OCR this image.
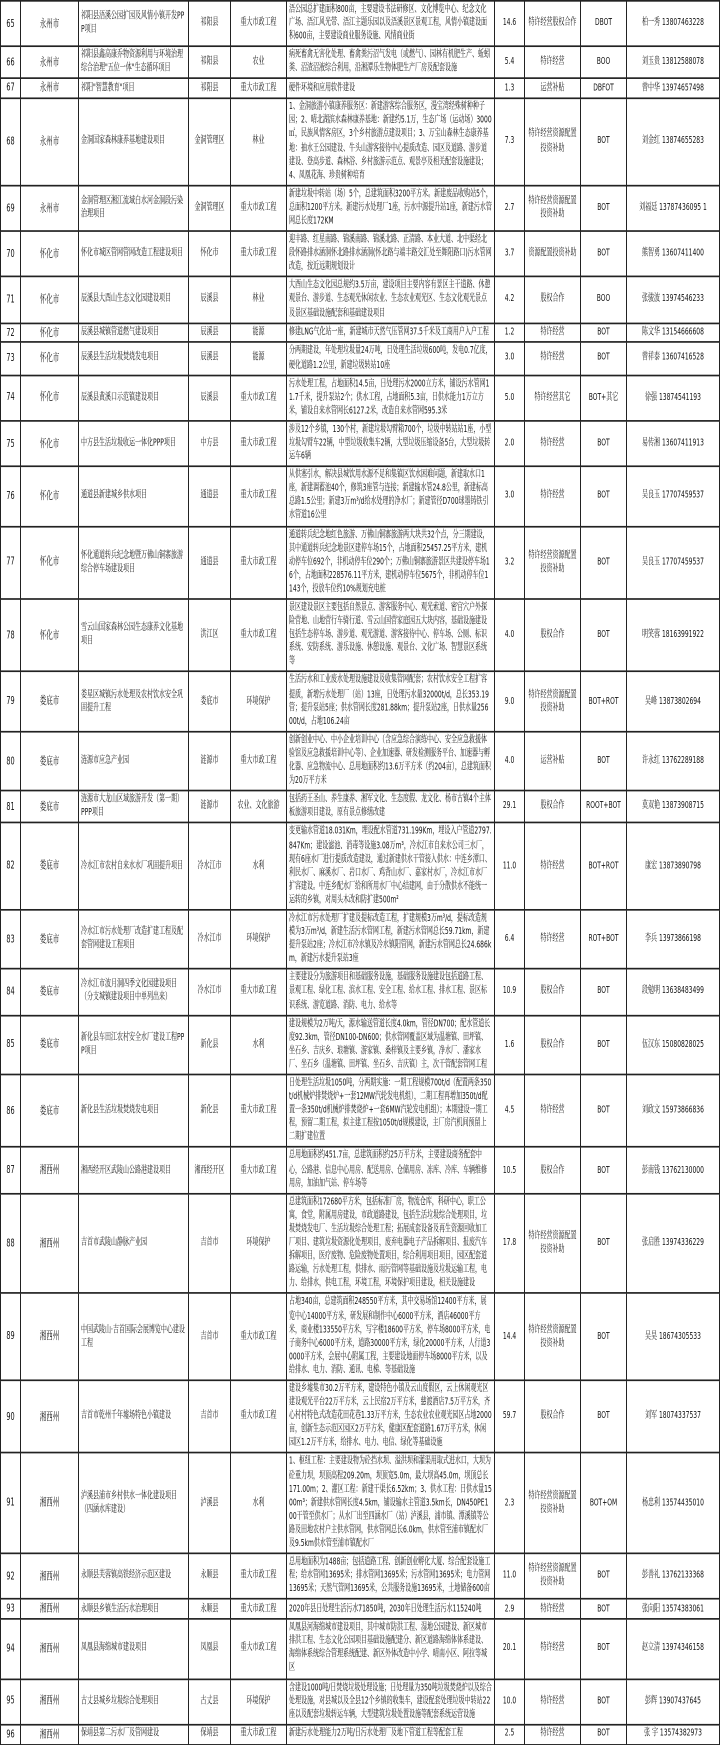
65	永州市	祁阳县浯溪公园扩园及风情小镇开发PPP项目	祁阳县	重大市政工程	浯公园总扩建面积800亩，主要建设书法研修区、文化博览中心、纪念文化广场、浯江风光带、浯江主题乐园以及浯溪景区景观工程，风情小镇建设面积600亩，主要建设商业服务设施、风情商业街	14.6	特许经营股权合作	DBOT	柏一秀 13807463228
66	永州市	祁阳县鑫高康乔物资源利用与环境治理综合治理"五位一体"生态循环项目	祁阳县	农业	病死畜禽无害化处理、畜禽粪污沼气发电（或燃气）、园林有机肥生产、蚯蚓粪、沼渣沼液综合利用，沿湘潭乐生物体肥生产厂房及配套设施	5.4	特许经营	BOO	刘玉贵 13812588078
67	永州市	祁阳"智慧教育"项目	祁阳县	重大市政工程	硬件环境和应用软件建设	1.3	运营补贴	DBFOT	曾中华 13974657498
68	永州市	金洞国家森林康养基地建设项目	金洞管理区	林业	1、金洞旅游小镇康养服务区：新建游客综合服务区，漫宝湾经殊树种种子园；2、晴北湖滨水森林康养基地：新建约5.1万，生态广场（运动场）3000㎡，民族风情客房区，3个乡村旅游点建设项目；3、万宝山森林生态康养基地：抽水王公园建设、牛头山游客接待中心提质改造、园区及道路、游步道建设、登高步道、森林浴、乡村旅游示范点、观景亭及相关配套设施建设；4、凤凰花海、珍贵树种培育	7.3	特许经营资源配置投资补助	BOT	刘金红 13874655283
69	永州市	金洞管理区湘江流域白水河金洞段污染治理项目	金洞管理区	重大市政工程	新建垃圾中转站（场）5个，总建筑面积3200平方米。新建废品收购站5个，总面积1200平方米。新建污水处理厂1座，污水中源提升站1座，新建污水管网总长度172KM	2.7	特许经营资源配置投资补助	BOT	刘福廷 13787436095 1
70	怀化市	怀化市城区管网管网改造工程建设项目	怀化市	重大市政工程	迎丰路、红星南路、锦溪南路、锦溪北路、正清路、本业大道、北中渠经北段怀路排水涵洞怀北路排水涵洞(怀北路与端丰路交汇处至舞阳路口)污水管网改造，按近远期规划设计	3.7	资源配置投资补助	BOT	熊智勇 13607411400
71	怀化市	辰溪县大酉山生态文化园建设项目	辰溪县	林业	大酉山生态文化园总规约3.5万亩，建设项目主要内容有景区主干道路、休憩观景台、游步道、生态观光休闲农业、生态农业观光区、生态文化观光景点及景区基础设施配套和基础建设项目	4.2	股权合作	BOO	张骏波 13974546233
72	怀化市	辰溪县城镇管道燃气建设项目	辰溪县	能源	修建LNG气化站一座，新建城市天然气压管网37.5千米及工商用户入户工程	1.2	特许经营	BOT	陈文华 13154666608
73	怀化市	辰溪县生活垃圾焚烧发电项目	辰溪县	能源	分两期建设，年处理垃圾量24万吨，日处理生活垃圾600吨，发电0.7亿度，硬化道路1.2公里，新建垃圾转站10座	3.0	特许经营	BOT	曾祥泰 13607416528
74	怀化市	辰溪县黄溪口示范镇建设项目	辰溪县	重大市政工程	污水处理工程，占地面积14.5亩，日处理污水2000立方米，铺设污水管网11.7千米，提升泵站2个；供水工程，占地面积5.3亩，日供水能力1万立方米，铺设自来水管网长6127.2米，改造自来水管网595.3米	5.0	特许经营其它	BOT+其它	徐强 13874541193
75	怀化市	中方县生活垃圾收运一体化PPP项目	中方县	重大市政工程	涉及12个乡镇，130个村，新建垃圾勾臂箱700个，垃圾中转站站1座，小型垃圾勾臂车22辆，中型垃圾收集车2辆，大型垃圾压缩设备5台，大型垃圾转运车6辆	2.0	特许经营	BOT	易传湘 13607411913
76	怀化市	通道县新建城乡供水项目	通道县	重大市政工程	从供塞引水，解决县城饮用水源不足和集镇区饮水困难问题，新建取水口1座，新建调蓄池40个，修筑3座管与连接；新建输水管24.8公里，新建标高总路1.5公里；新建3万m³/d给水处理的净水厂；新建管径D700球墨铸铁引水管道16公里	3.0	特许经营	BOT	吴良玉 17707459537
77	怀化市	怀化通道转兵纪念地暨万佛山铜寨旅游综合停车场建设项目	通道县	重大市政工程	通道转兵纪念地红色旅游、万佛山铜寨旅游两大块共32个点，分三期建设，其中通道转兵纪念地景区建停车场15个，占地面积25457.25平方米，建机动停车位692个，非机动停车位290个；万佛山铜寨旅游景区共建设停车场16个，占地面积228576.11平方米，建机动停车位5675个，非机动停车位1143个，投放车位约10%规划充电桩	3.2	特许经营资源配置投资补助	BOT	吴良玉 17707459537
78	怀化市	雪云山国家森林公园生态康养文化基地项目	洪江区	重大市政工程	景区建设景区主要包括自然景点、游客服务中心、观光索道、密宫穴户外探险营地、山地营行车骑行道、雪云山国营家庭园五大块内容，基础设施建设包括生态停车场、游步道、观光游道、游客接待中心、停车场、公厕、标识系统、安防系统、游乐设施、休憩设施、观景台、文化广场、智慧景区系统等	4.0	股权合作	BOT	明笑蓉 18163991922
79	娄底市	娄星区城镇污水处理及农村饮水安全巩固提升工程	娄底市	环境保护	生活污水和工业废水处理设施建设及收集管网配套；农村饮水安全工程扩容提质，新增污水处理厂（站）13座，日处理污水量32000t/d，总长353.19管；提升泵站5座；供水管网长度281.88km；提升泵站2座，日供水量25600t/d，占地106.24亩	9.0	特许经营资源配置投资补助	BOT+ROT	吴峰 13873802694
80	娄底市	涟源市应急产业园	涟源市	重大市政工程	创新创业中心、中小企业培训中心（含应急综合演练中心、安全应急救援体验馆及应急救援培训中心等）、企业加速器、研发检测服务平台、加速器与孵化器、应急物流中心、总用地面积约13.6万平方米（约204亩），总建筑面积为20万平方米	4.0	运营补贴	BOT	许永红 13762289188
81	娄底市	涟源市大龙山区域旅游开发（第一期）PPP项目	涟源市	农业、文化旅游	包括药王圣山、养生康养、湘军文化、生态度假、龙文化、杨市古镇4个主体板旅游项目建设，原有景点修缮改建	29.1	股权合作	ROOT+BOT	莫双艳 13873908715
82	娄底市	冷水江市农村自来水水厂巩固提升项目	冷水江市	水利	变更输水管道18.031Km，埋设配水管道731.199Km，埋设入户管道2797.847Km；建设滤池、消毒等设施3.08万m³，冷水江市自来水公司三水厂，现有6座水厂进行提质改造建设，通过新建供水干管接入供水：中连乡潭口、利民水厂、麻溪水厂、岩口水厂、鸡背山水厂、嘉家村水厂，冷水江市水厂扩容建设。中连乡配水厂给和所用水厂中心结建网，由于分散供水不能统一运转的乡镇，对周头木改和防扩建500m²	11.0	特许经营	BOT+ROT	康宏 13873890798
83	娄底市	冷水江市污水处理厂改造扩建工程及配套管网建设工程项目	冷水江市	环境保护	冷水江市污水处理厂扩建及提标改造工程，扩建规模3万m³/d，提标改造规模为3万m³/d，新建生活污水管网工程，新建污水管网总长59.71km，新建提升泵站2座；冷水江市冷水镇及冷水镇阳管网，新建污水管网总长24.686km，新建污水提升泵站3座	6.4	特许经营	ROT+BOT	李兵 13973866198
84	娄底市	冷水江市波月洞四季文化园建设项目（分支城镇建设项目中单列出来）	冷水江市	重大市政工程	主要建设分为旅游项目和基础服务设施，基础服务设施建设包括道路工程、景观工程、绿化工程、滨水工程、安全工程、给水工程、排水工程、景区标识系统、游览道路、消防、电力、给水等	10.9	股权合作	BOT	段勉明 13638483499
85	娄底市	新化县车田江农村安全水厂建设工程PPP项目	新化县	水利	建设规模为2万吨/天，源水输送管道长度4.0km，管径DN700；配水管道长度92.3km，管径DN100-DN600；供水管网覆盖区域为温塘镇、田坪镇、坐石乡、吉庆乡、琅塘镇、游家镇、桑梓镇及主要乡镇，净水厂、潘家水厂、坐石乡（温塘镇、田坪镇、坐石乡、吉庆镇）主，次干管配套管网工程	1.6	股权合作	BOT	伍汉东 15080828025
86	娄底市	新化县生活垃圾焚烧发电项目	新化县	重大市政工程	日处理生活垃圾1050吨，分两期实施：一期工程规模700t/d（配置两条350t/d机械炉排焚烧炉+一套12MW汽轮发电机组），二期工程再增加350t/d配置一条350t/d机械炉排焚烧炉+一套6MW汽轮发电机组）；本期建设一期工程，预留二期工程，拟主建工程按1050t/d规模建设，主厂房汽机间预留上二期扩建位置	4.5	特许经营	BOT	刘政文 15973866836
87	湘西州	湘西经开区武陵山公路港建设项目	湘西经开区	重大市政工程	总用地面积约451.7亩，总建筑面积约25万平方米，主要建设商务配套中心，公路港、信息中心用房、配送用房、仓储用房、冻库、冷库、车辆维修用房，加油加气站、停车场等	10.5	股权合作	BOT	彭南钱 13762130000
88	湘西州	吉首市武陵山静脉产业园	吉首市	环境保护	总建筑面积172680平方米，包括标准厂房，物流仓库，科研中心，职工公寓，食堂，附属用房建设，市政道路建设，包括生活垃圾综合处理项目，垃圾焚烧发电厂、生活垃圾综合处理工程；拓展成套设备及再生资源回收加工厂项目、建筑垃圾资源化处理项目，废弃电器电子产品拆解项目、报废汽车拆解项目，医疗废物、危险废物处置项目，综合利用项目项目，园区配套道路运输，污水处理工程，供排水、雨污管网等基础设施及垃圾运输工程，电力、给排水，供电工程，环境工程，环境保护项目建设，相关设施建设	17.8	特许经营资源配置投资补助	BOT	张启胜 13974336229
89	湘西州	中国武陵山·吉首国际会展博览中心建设工程	吉首市	重大市政工程	占地340亩，总建筑面积248550平方米，其中交易场馆12400平方米，展览中心14000平方米，研发展和制作中心6000平方米，酒店46000平方米，商业楼133550平方米，写字楼18600平方米，停车场8000平方米，电子商务中心6000平方米，道路30000平方米，绿化20000平方米，人行道30000平方米，会展中心附属工程，主要建设地面停车场8000平方米，以及给排水、电力、消防、通讯、电梯、等基础设施	14.4	特许经营资源配置投资补助	BOT	吴昊 18674305533
90	湘西州	吉首市乾州千年墟场特色小镇建设	吉首市	重大市政工程	建设乡墟集市30.2万平方米，建设特色小镇及云山度假区，云上休闲观光区建设观光平台22万平方米，云上民宿2万平方米，慈渡酒店7.5万平方米，齐心村村特色式改造花田花巷1.33万平方米，生态农业农业观光园区占地2000亩，创新生态示范区园区2万平方米，健康区配套道路1.67万平方米，休闲园区1.2万平方米，给排水、电力、电信、绿化等基础设施	59.7	股权合作	BOT	刘军 18074337537
91	湘西州	泸溪县浦市乡村供水一体化建设项目（四涵水库建设）	泸溪县	水利	1、枢纽工程：主要建设物为砼挡水坝、溢洪坝和灌渠用取式进水口，大坝为砼重力坝，坝顶高程209.20m，坝顶宽5.0m，最大坝高45.0m，坝顶总长171.00m；2、灌区工程：新建干渠长6.52km；3、供水工程：日供水量1500m³；新建供水管网长度4.5km，铺设输水主管道3.5km长，DN450PE100干管至供水厂；从水厂出至四涵水厂（站）泸溪县，浦市镇、潭溪镇等公路及田地农村户主供水管网，供水管网总长6.0km，供水管至浦市镇配水厂及9.5km供水管至浦市镇配水厂	2.3	特许经营资源配置投资补助	BOT+OM	杨忠利 13574435010
92	湘西州	永顺县芙蓉镇高铁经济示范区建设	永顺县	重大市政工程	总用地面积为1488亩；包括道路工程、创新创业孵化大厦、综合配套设施工程；给水管网13695米；排水管网13695米；污水管网13695米；电力管网13695米；天然气管网13695米，公共服务设施13695米，土地储备600亩	11.0	特许经营资源配置投资补助	BOT	彭善礼 13762133368
93	湘西州	永顺县乡镇生活污水治理项目	永顺县	重大市政工程	2020年县日处理生活污水71850吨，2030年日处理生活污水115240吨	2.9	特许经营	BOT	张向阳 13574383061
94	湘西州	凤凰县海绵城市建设项目	凤凰县	重大市政工程	凤凰县河海绵城市建设项目，其中城市防洪工程、湿地公园建设、新区城市排洪工程、生态文化公园项目基础设施配建分、新区道路海绵体体系建设、海绵体系统综合管理系统配建、新区外体改造中小学、晴南小区、阿拉等城区	20.1	特许经营	BOT	赵立清 13974346158
95	湘西州	古丈县城乡垃圾综合处理项目	古丈县	环境保护	含建设1000吨/日焚烧垃圾处理设施；日处理量为350吨垃圾焚烧炉以及综合处理设施，对县城以及全县12个乡镇的收集车，建设配套处理垃圾中转站22座以及配套垃圾转运车辆，大型建筑垃圾处置设施等配套系统运营设施	10.0	特许经营	BOT	彭辉 13907437645
96	湘西州	保靖县第二污水厂及管网建设	保靖县	重大市政工程	新建污水处理能力2万吨/日污水处理厂及地下管道工程等配套工程	2.5	特许经营	BOT	张 宇 13574382973
